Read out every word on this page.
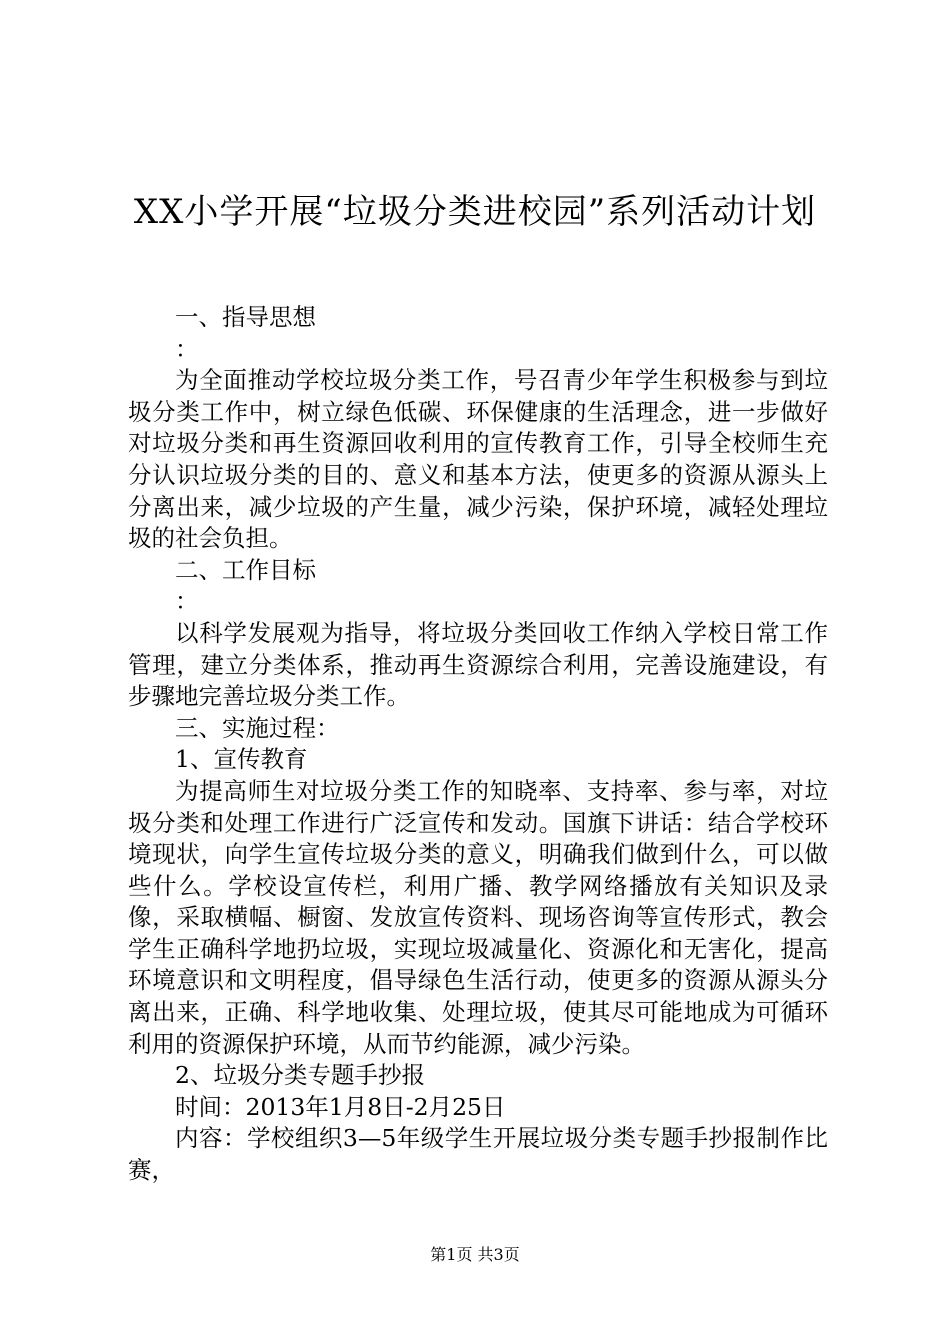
XX小学开展“垃圾分类进校园”系列活动计划

一、指导思想

：

为全面推动学校垃圾分类工作，号召青少年学生积极参与到垃圾分类工作中，树立绿色低碳、环保健康的生活理念，进一步做好对垃圾分类和再生资源回收利用的宣传教育工作，引导全校师生充分认识垃圾分类的目的、意义和基本方法，使更多的资源从源头上分离出来，减少垃圾的产生量，减少污染，保护环境，减轻处理垃圾的社会负担。

二、工作目标

：

以科学发展观为指导，将垃圾分类回收工作纳入学校日常工作管理，建立分类体系，推动再生资源综合利用，完善设施建设，有步骤地完善垃圾分类工作。

三、实施过程：

1、宣传教育

为提高师生对垃圾分类工作的知晓率、支持率、参与率，对垃圾分类和处理工作进行广泛宣传和发动。国旗下讲话：结合学校环境现状，向学生宣传垃圾分类的意义，明确我们做到什么，可以做些什么。学校设宣传栏，利用广播、教学网络播放有关知识及录像，采取横幅、橱窗、发放宣传资料、现场咨询等宣传形式，教会学生正确科学地扔垃圾，实现垃圾减量化、资源化和无害化，提高环境意识和文明程度，倡导绿色生活行动，使更多的资源从源头分离出来，正确、科学地收集、处理垃圾，使其尽可能地成为可循环利用的资源保护环境，从而节约能源，减少污染。

2、垃圾分类专题手抄报

时间：2013年1月8日-2月25日

内容：学校组织3—5年级学生开展垃圾分类专题手抄报制作比赛，

第1页 共3页
